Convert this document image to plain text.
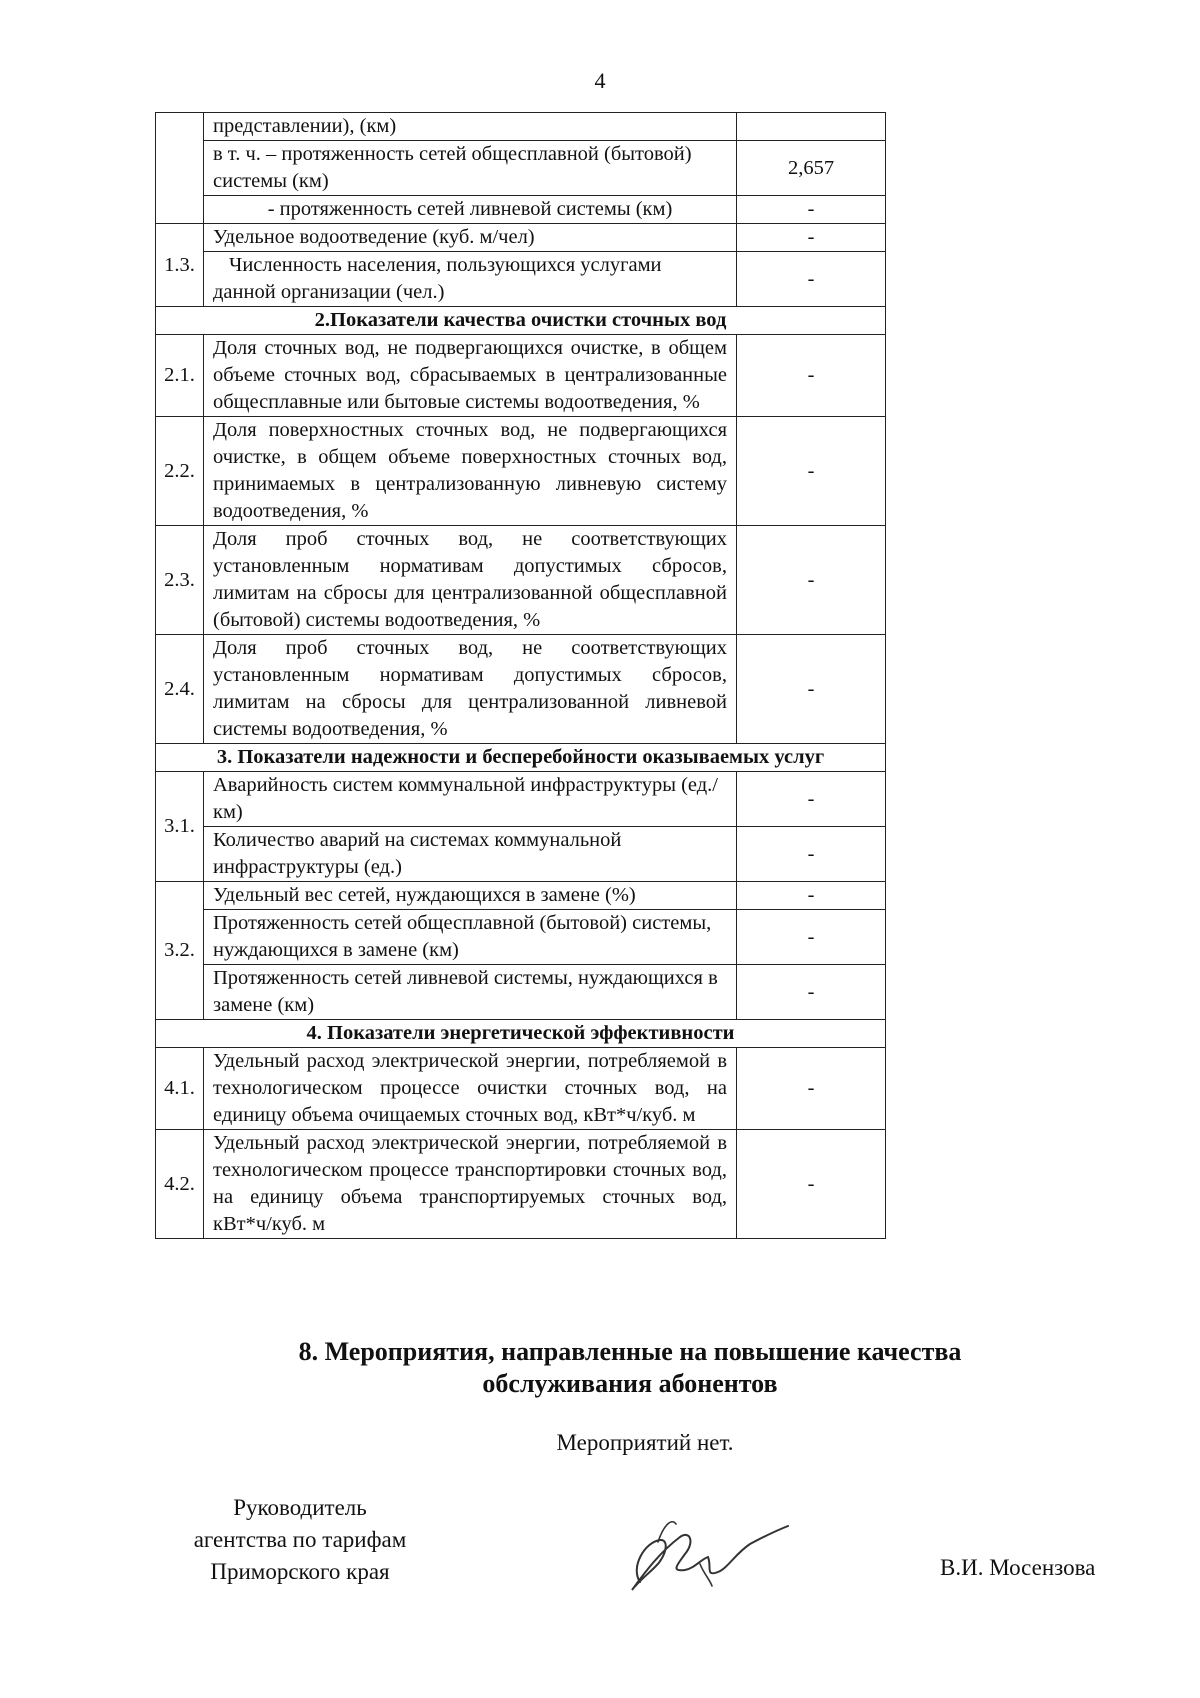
4
	представлении), (км)	
	в т. ч. – протяженность сетей общесплавной (бытовой) системы (км)	2,657
	- протяженность сетей ливневой системы (км)	-
1.3.	Удельное водоотведение (куб. м/чел)	-
	Численность населения, пользующихся услугами данной организации (чел.)	-
2.Показатели качества очистки сточных вод		
2.1.	Доля сточных вод, не подвергающихся очистке, в общем объеме сточных вод, сбрасываемых в централизованные общесплавные или бытовые системы водоотведения, %	-
2.2.	Доля поверхностных сточных вод, не подвергающихся очистке, в общем объеме поверхностных сточных вод, принимаемых в централизованную ливневую систему водоотведения, %	-
2.3.	Доля проб сточных вод, не соответствующих установленным нормативам допустимых сбросов, лимитам на сбросы для централизованной общесплавной (бытовой) системы водоотведения, %	-
2.4.	Доля проб сточных вод, не соответствующих установленным нормативам допустимых сбросов, лимитам на сбросы для централизованной ливневой системы водоотведения, %	-
3. Показатели надежности и бесперебойности оказываемых услуг		
3.1.	Аварийность систем коммунальной инфраструктуры (ед./км)	-
	Количество аварий на системах коммунальной инфраструктуры (ед.)	-
3.2.	Удельный вес сетей, нуждающихся в замене (%)	-
	Протяженность сетей общесплавной (бытовой) системы, нуждающихся в замене (км)	-
	Протяженность сетей ливневой системы, нуждающихся в замене (км)	-
4. Показатели энергетической эффективности		
4.1.	Удельный расход электрической энергии, потребляемой в технологическом процессе очистки сточных вод, на единицу объема очищаемых сточных вод, кВт*ч/куб. м	-
4.2.	Удельный расход электрической энергии, потребляемой в технологическом процессе транспортировки сточных вод, на единицу объема транспортируемых сточных вод, кВт*ч/куб. м	-
8. Мероприятия, направленные на повышение качества
обслуживания абонентов
Мероприятий нет.
Руководитель
агентства по тарифам
Приморского края	В.И. Мосензова
